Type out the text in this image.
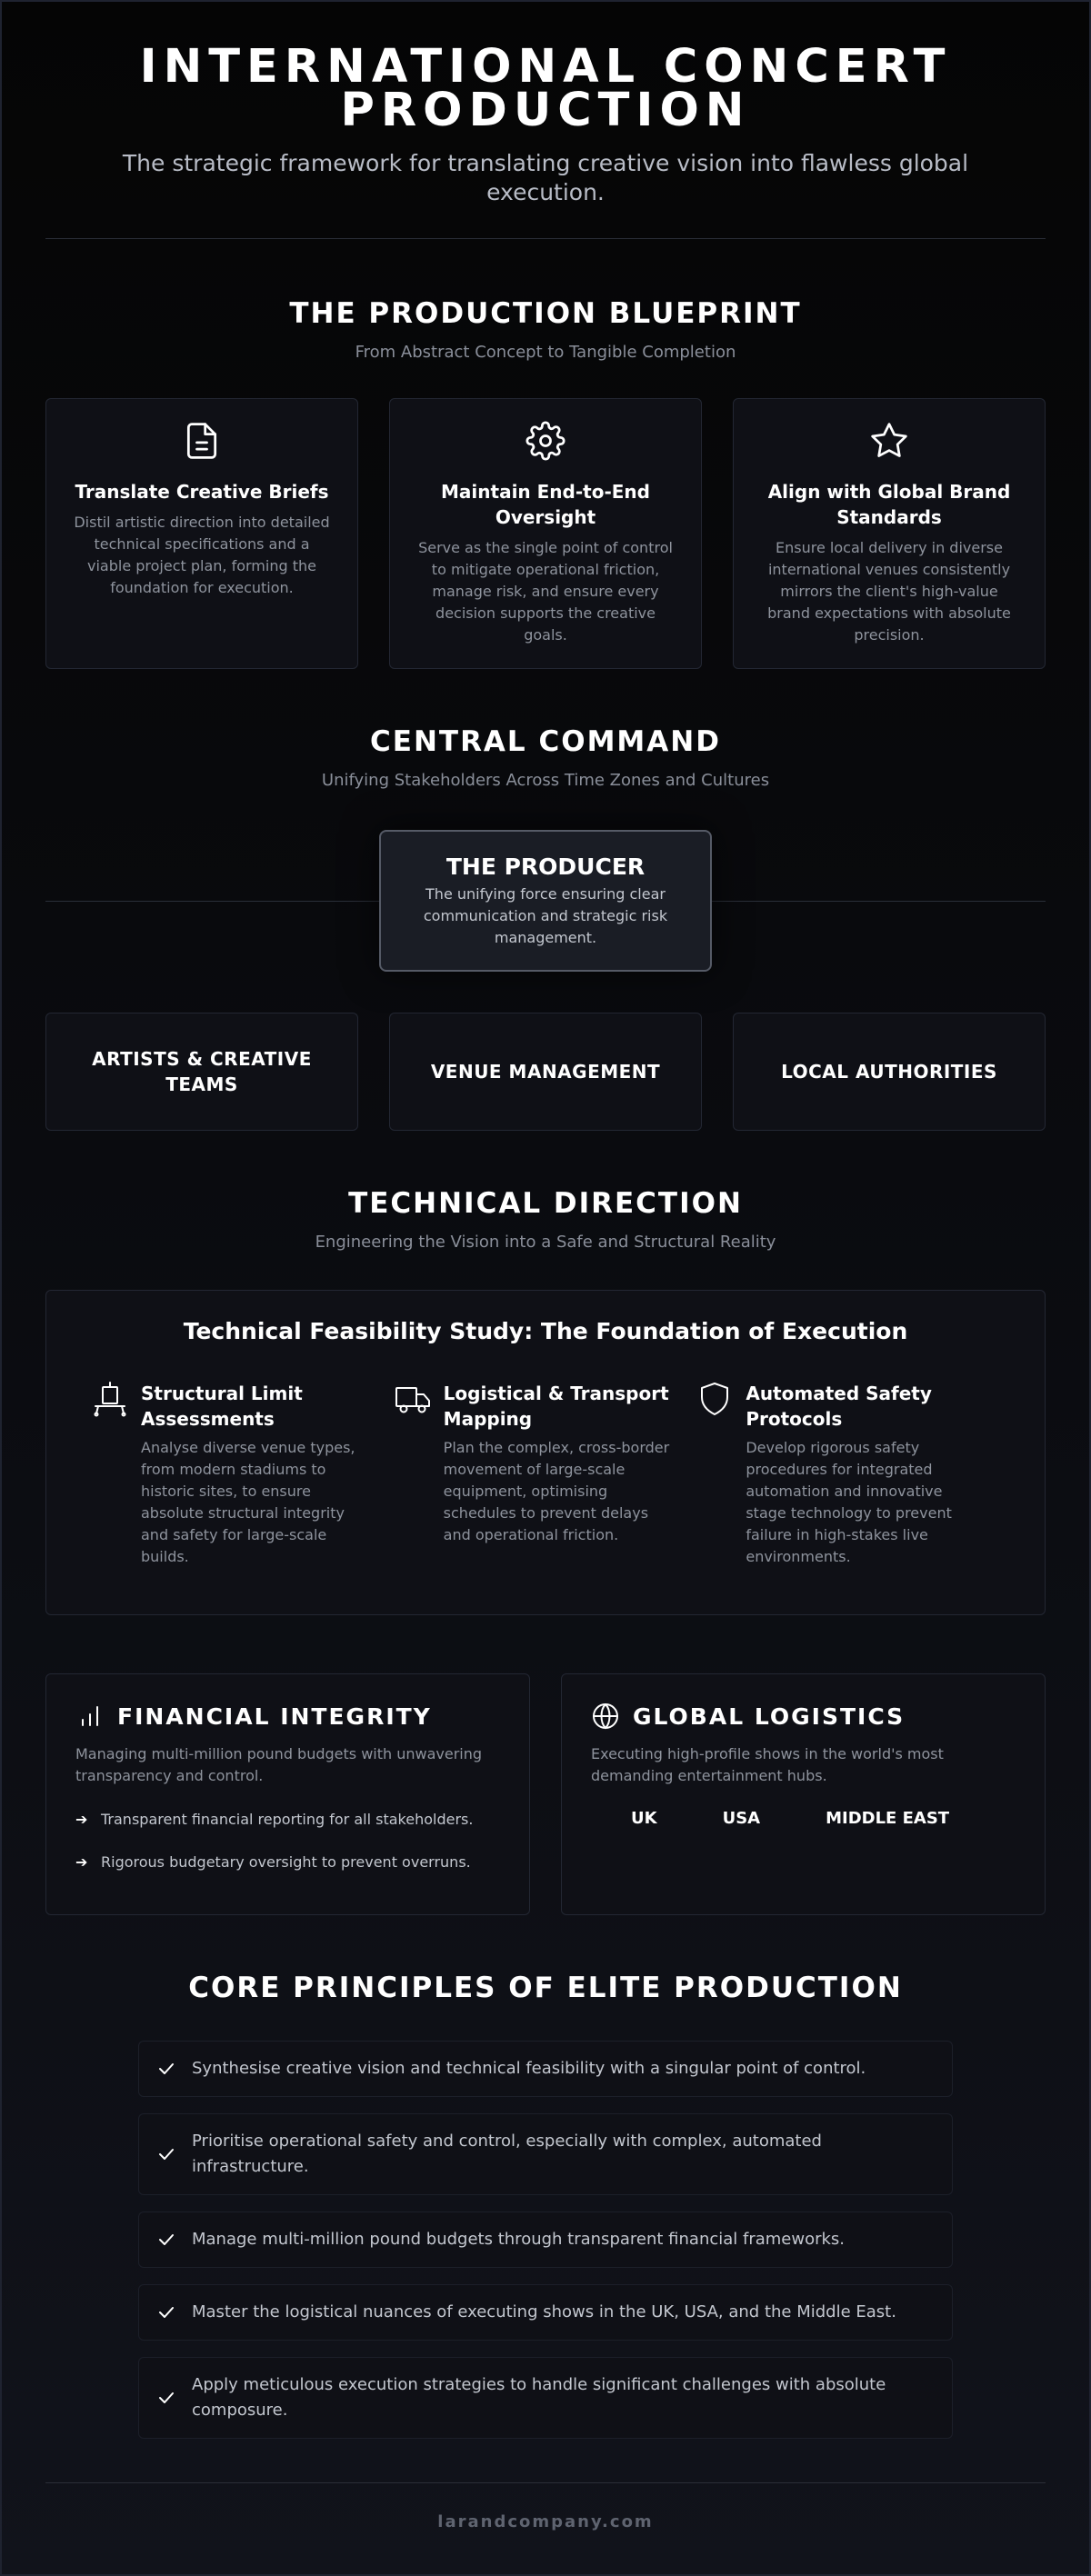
INTERNATIONAL CONCERT
PRODUCTION
The strategic framework for translating creative vision into flawless global execution.
THE PRODUCTION BLUEPRINT
From Abstract Concept to Tangible Completion
Translate Creative Briefs
Distil artistic direction into detailed technical specifications and a viable project plan, forming the foundation for execution.
Maintain End-to-End Oversight
Serve as the single point of control to mitigate operational friction, manage risk, and ensure every decision supports the creative goals.
Align with Global Brand Standards
Ensure local delivery in diverse international venues consistently mirrors the client's high-value brand expectations with absolute precision.
CENTRAL COMMAND
Unifying Stakeholders Across Time Zones and Cultures
THE PRODUCER
The unifying force ensuring clear communication and strategic risk management.
ARTISTS & CREATIVE TEAMS
VENUE MANAGEMENT	LOCAL AUTHORITIES
TECHNICAL DIRECTION
Engineering the Vision into a Safe and Structural Reality
Technical Feasibility Study: The Foundation of Execution
Structural Limit Assessments
Analyse diverse venue types, from modern stadiums to historic sites, to ensure absolute structural integrity and safety for large-scale builds.
Logistical & Transport Mapping
Plan the complex, cross-border movement of large-scale equipment, optimising schedules to prevent delays and operational friction.
Automated Safety Protocols
Develop rigorous safety procedures for integrated automation and innovative stage technology to prevent failure in high-stakes live environments.
FINANCIAL INTEGRITY
Managing multi-million pound budgets with unwavering transparency and control.
➔ Transparent financial reporting for all stakeholders.
➔ Rigorous budgetary oversight to prevent overruns.
GLOBAL LOGISTICS
Executing high-profile shows in the world's most demanding entertainment hubs.
UK	USA	MIDDLE EAST
CORE PRINCIPLES OF ELITE PRODUCTION
Synthesise creative vision and technical feasibility with a singular point of control.
Prioritise operational safety and control, especially with complex, automated infrastructure.
Manage multi-million pound budgets through transparent financial frameworks.
Master the logistical nuances of executing shows in the UK, USA, and the Middle East.
Apply meticulous execution strategies to handle significant challenges with absolute composure.
larandcompany.com
